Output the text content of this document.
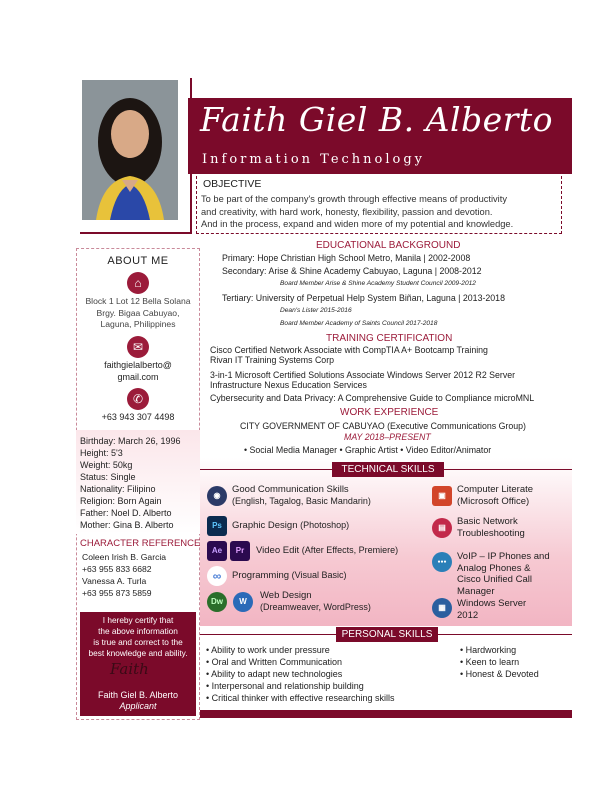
Faith Giel B. Alberto
Information Technology
OBJECTIVE
To be part of the company's growth through effective means of productivity
and creativity, with hard work, honesty, flexibility, passion and devotion.
And in the process, expand and widen more of my potential and knowledge.
ABOUT ME
⌂
Block 1 Lot 12 Bella Solana
Brgy. Bigaa Cabuyao,
Laguna, Philippines
✉
faithgielalberto@
gmail.com
✆
+63 943 307 4498
Birthday: March 26, 1996
Height: 5'3
Weight: 50kg
Status: Single
Nationality: Filipino
Religion: Born Again
Father: Noel D. Alberto
Mother: Gina B. Alberto
CHARACTER REFERENCE
Coleen Irish B. Garcia
+63 955 833 6682
Vanessa A. Turla
+63 955 873 5859
I hereby certify that
the above information
is true and correct to the
best knowledge and ability.
Faith
Faith Giel B. Alberto
Applicant
EDUCATIONAL BACKGROUND
Primary: Hope Christian High School Metro, Manila | 2002-2008
Secondary: Arise & Shine Academy Cabuyao, Laguna | 2008-2012
Board Member Arise & Shine Academy Student Council 2009-2012
Tertiary: University of Perpetual Help System Biñan, Laguna | 2013-2018
Dean's Lister 2015-2016
Board Member Academy of Saints Council 2017-2018
TRAINING CERTIFICATION
Cisco Certified Network Associate with CompTIA A+ Bootcamp Training
Rivan IT Training Systems Corp
3-in-1 Microsoft Certified Solutions Associate Windows Server 2012 R2 Server
Infrastructure Nexus Education Services
Cybersecurity and Data Privacy: A Comprehensive Guide to Compliance microMNL
WORK EXPERIENCE
CITY GOVERNMENT OF CABUYAO (Executive Communications Group)
MAY 2018–PRESENT
• Social Media Manager • Graphic Artist • Video Editor/Animator
TECHNICAL SKILLS
◉
Good Communication Skills
(English, Tagalog, Basic Mandarin)
Ps	Graphic Design (Photoshop)
Ae	Pr	Video Edit (After Effects, Premiere)
∞	Programming (Visual Basic)
Dw	W
Web Design
(Dreamweaver, WordPress)
▣
Computer Literate
(Microsoft Office)
▤
Basic Network
Troubleshooting
●●●	VoIP – IP Phones and
Analog Phones &
Cisco Unified Call
Manager
▦	Windows Server
2012
PERSONAL SKILLS
• Ability to work under pressure
• Oral and Written Communication
• Ability to adapt new technologies
• Interpersonal and relationship building
• Critical thinker with effective researching skills
• Hardworking
• Keen to learn
• Honest & Devoted
